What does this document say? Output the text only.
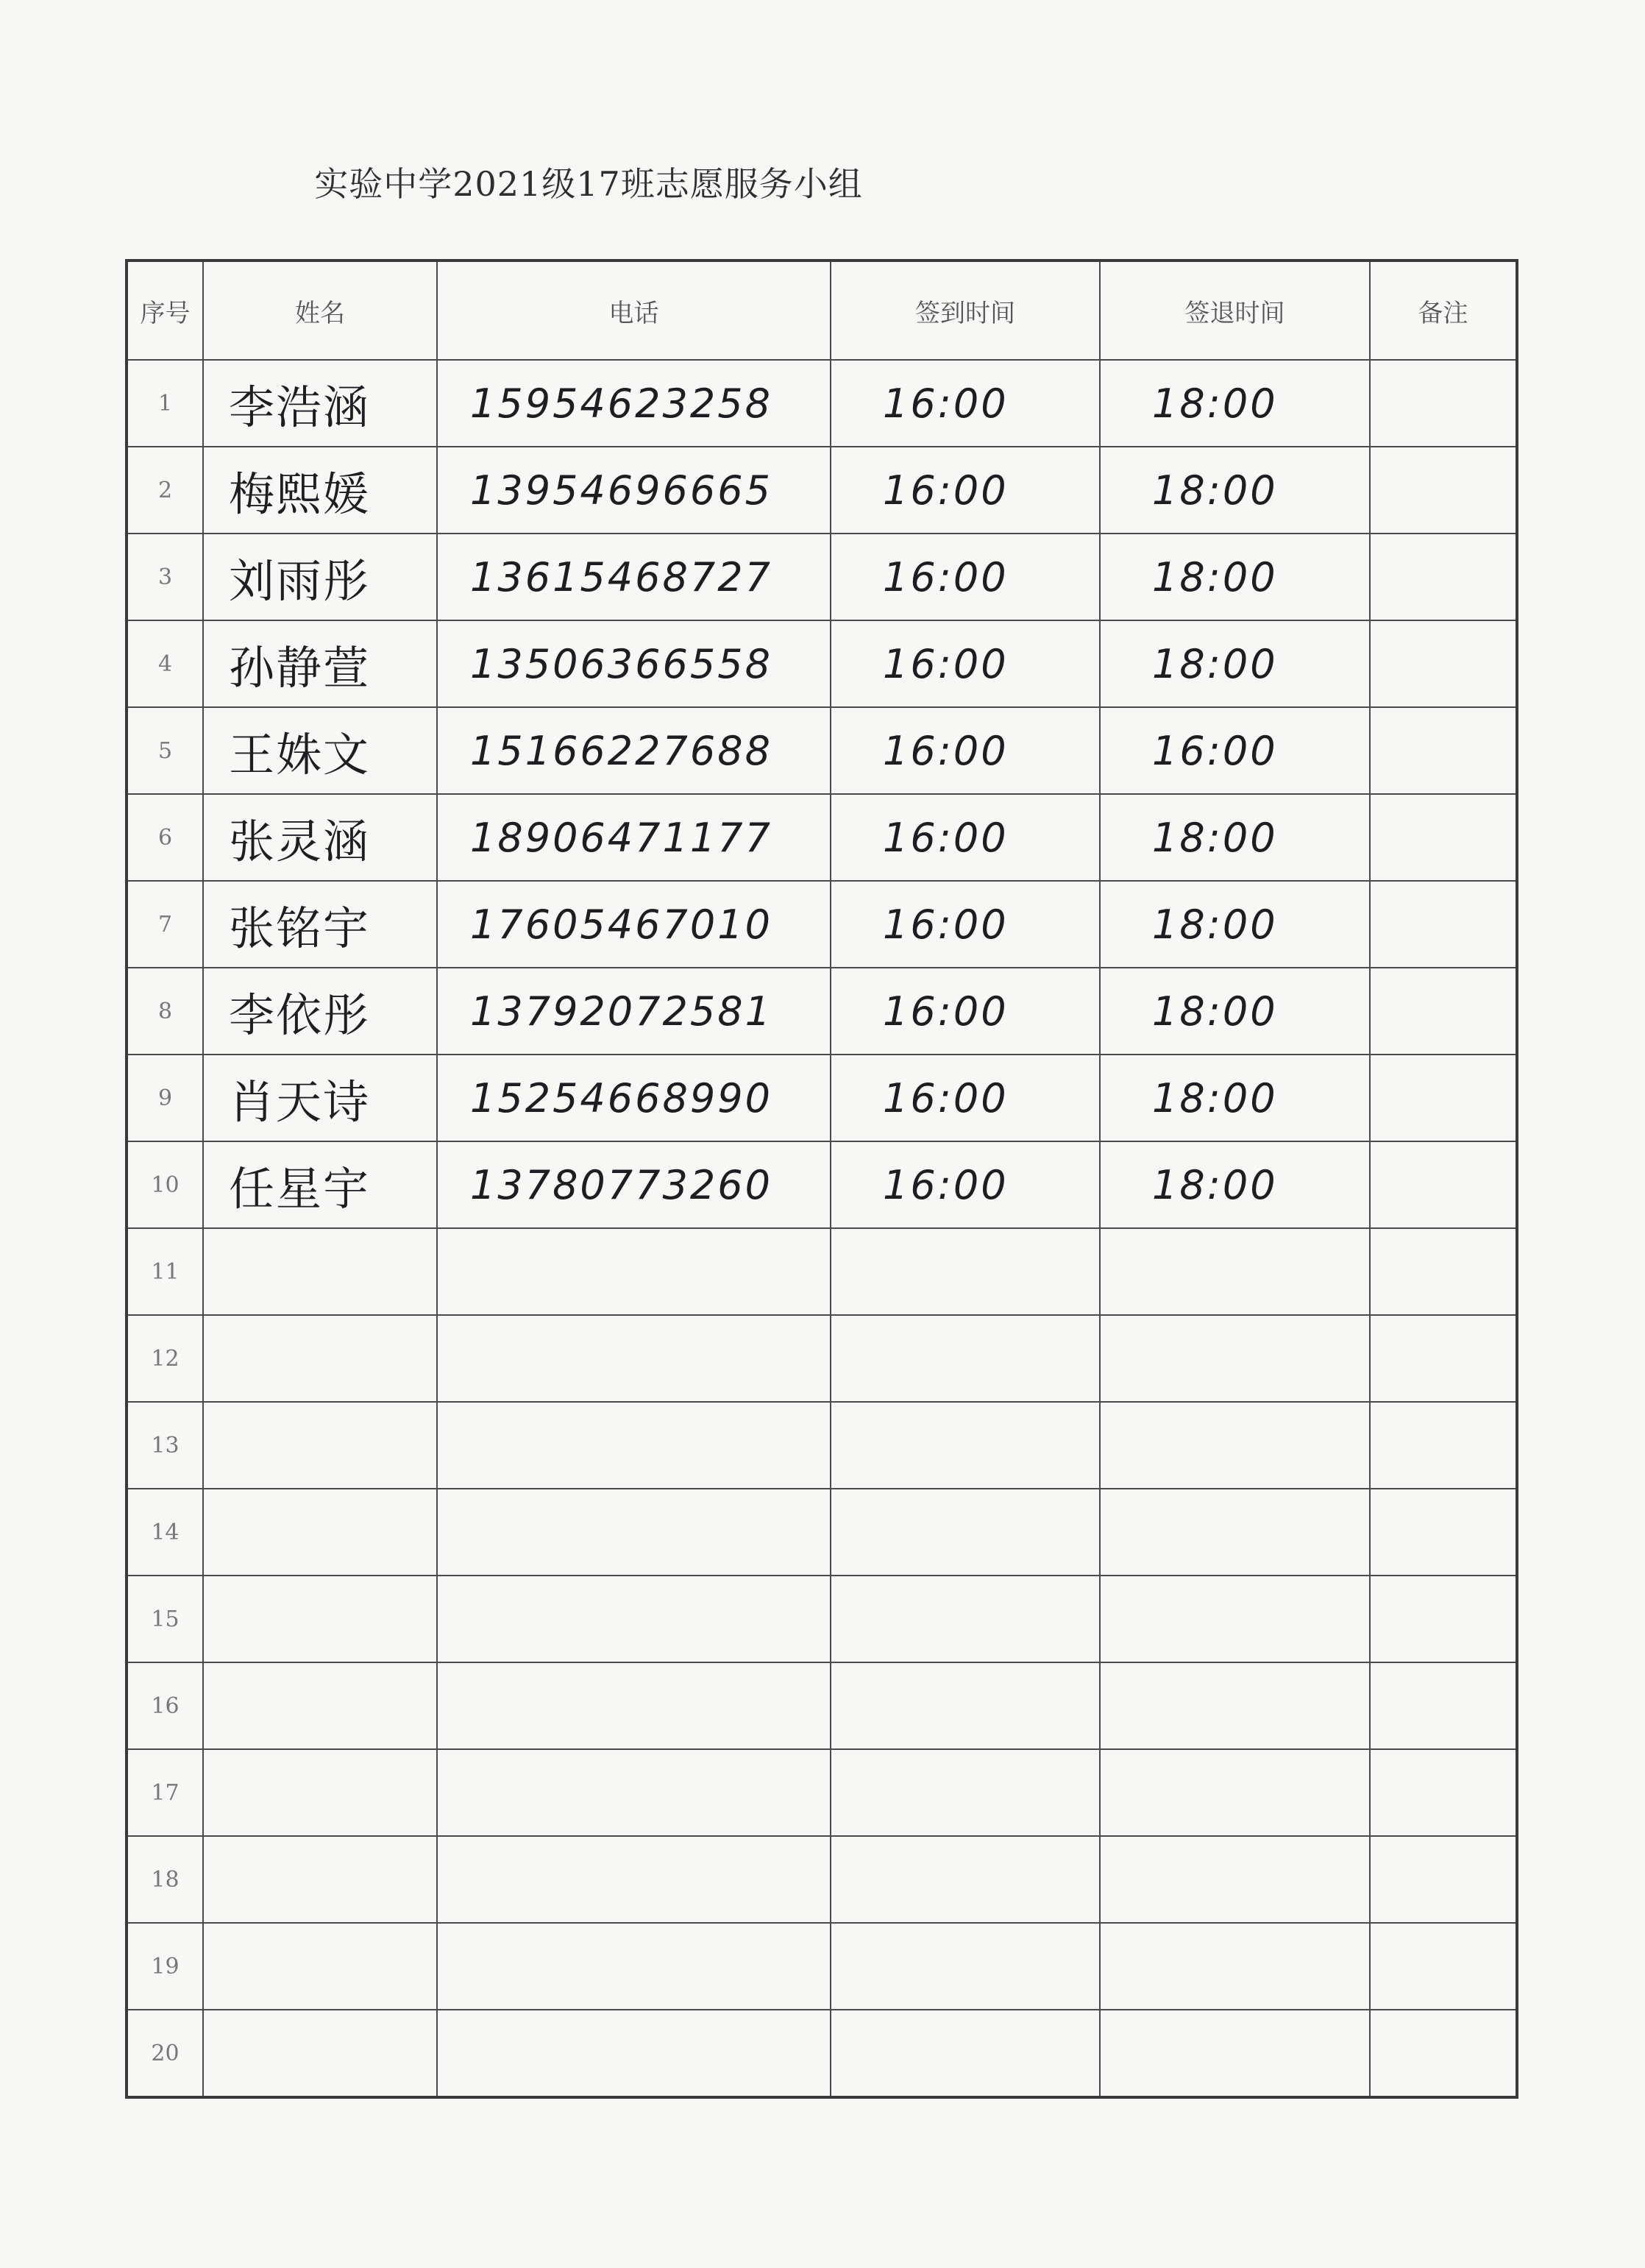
实验中学2021级17班志愿服务小组
序号	姓名	电话	签到时间	签退时间	备注
1	李浩涵	15954623258	16:00	18:00	
2	梅熙媛	13954696665	16:00	18:00	
3	刘雨彤	13615468727	16:00	18:00	
4	孙静萱	13506366558	16:00	18:00	
5	王姝文	15166227688	16:00	16:00	
6	张灵涵	18906471177	16:00	18:00	
7	张铭宇	17605467010	16:00	18:00	
8	李依彤	13792072581	16:00	18:00	
9	肖天诗	15254668990	16:00	18:00	
10	任星宇	13780773260	16:00	18:00	
11					
12					
13					
14					
15					
16					
17					
18					
19					
20					
